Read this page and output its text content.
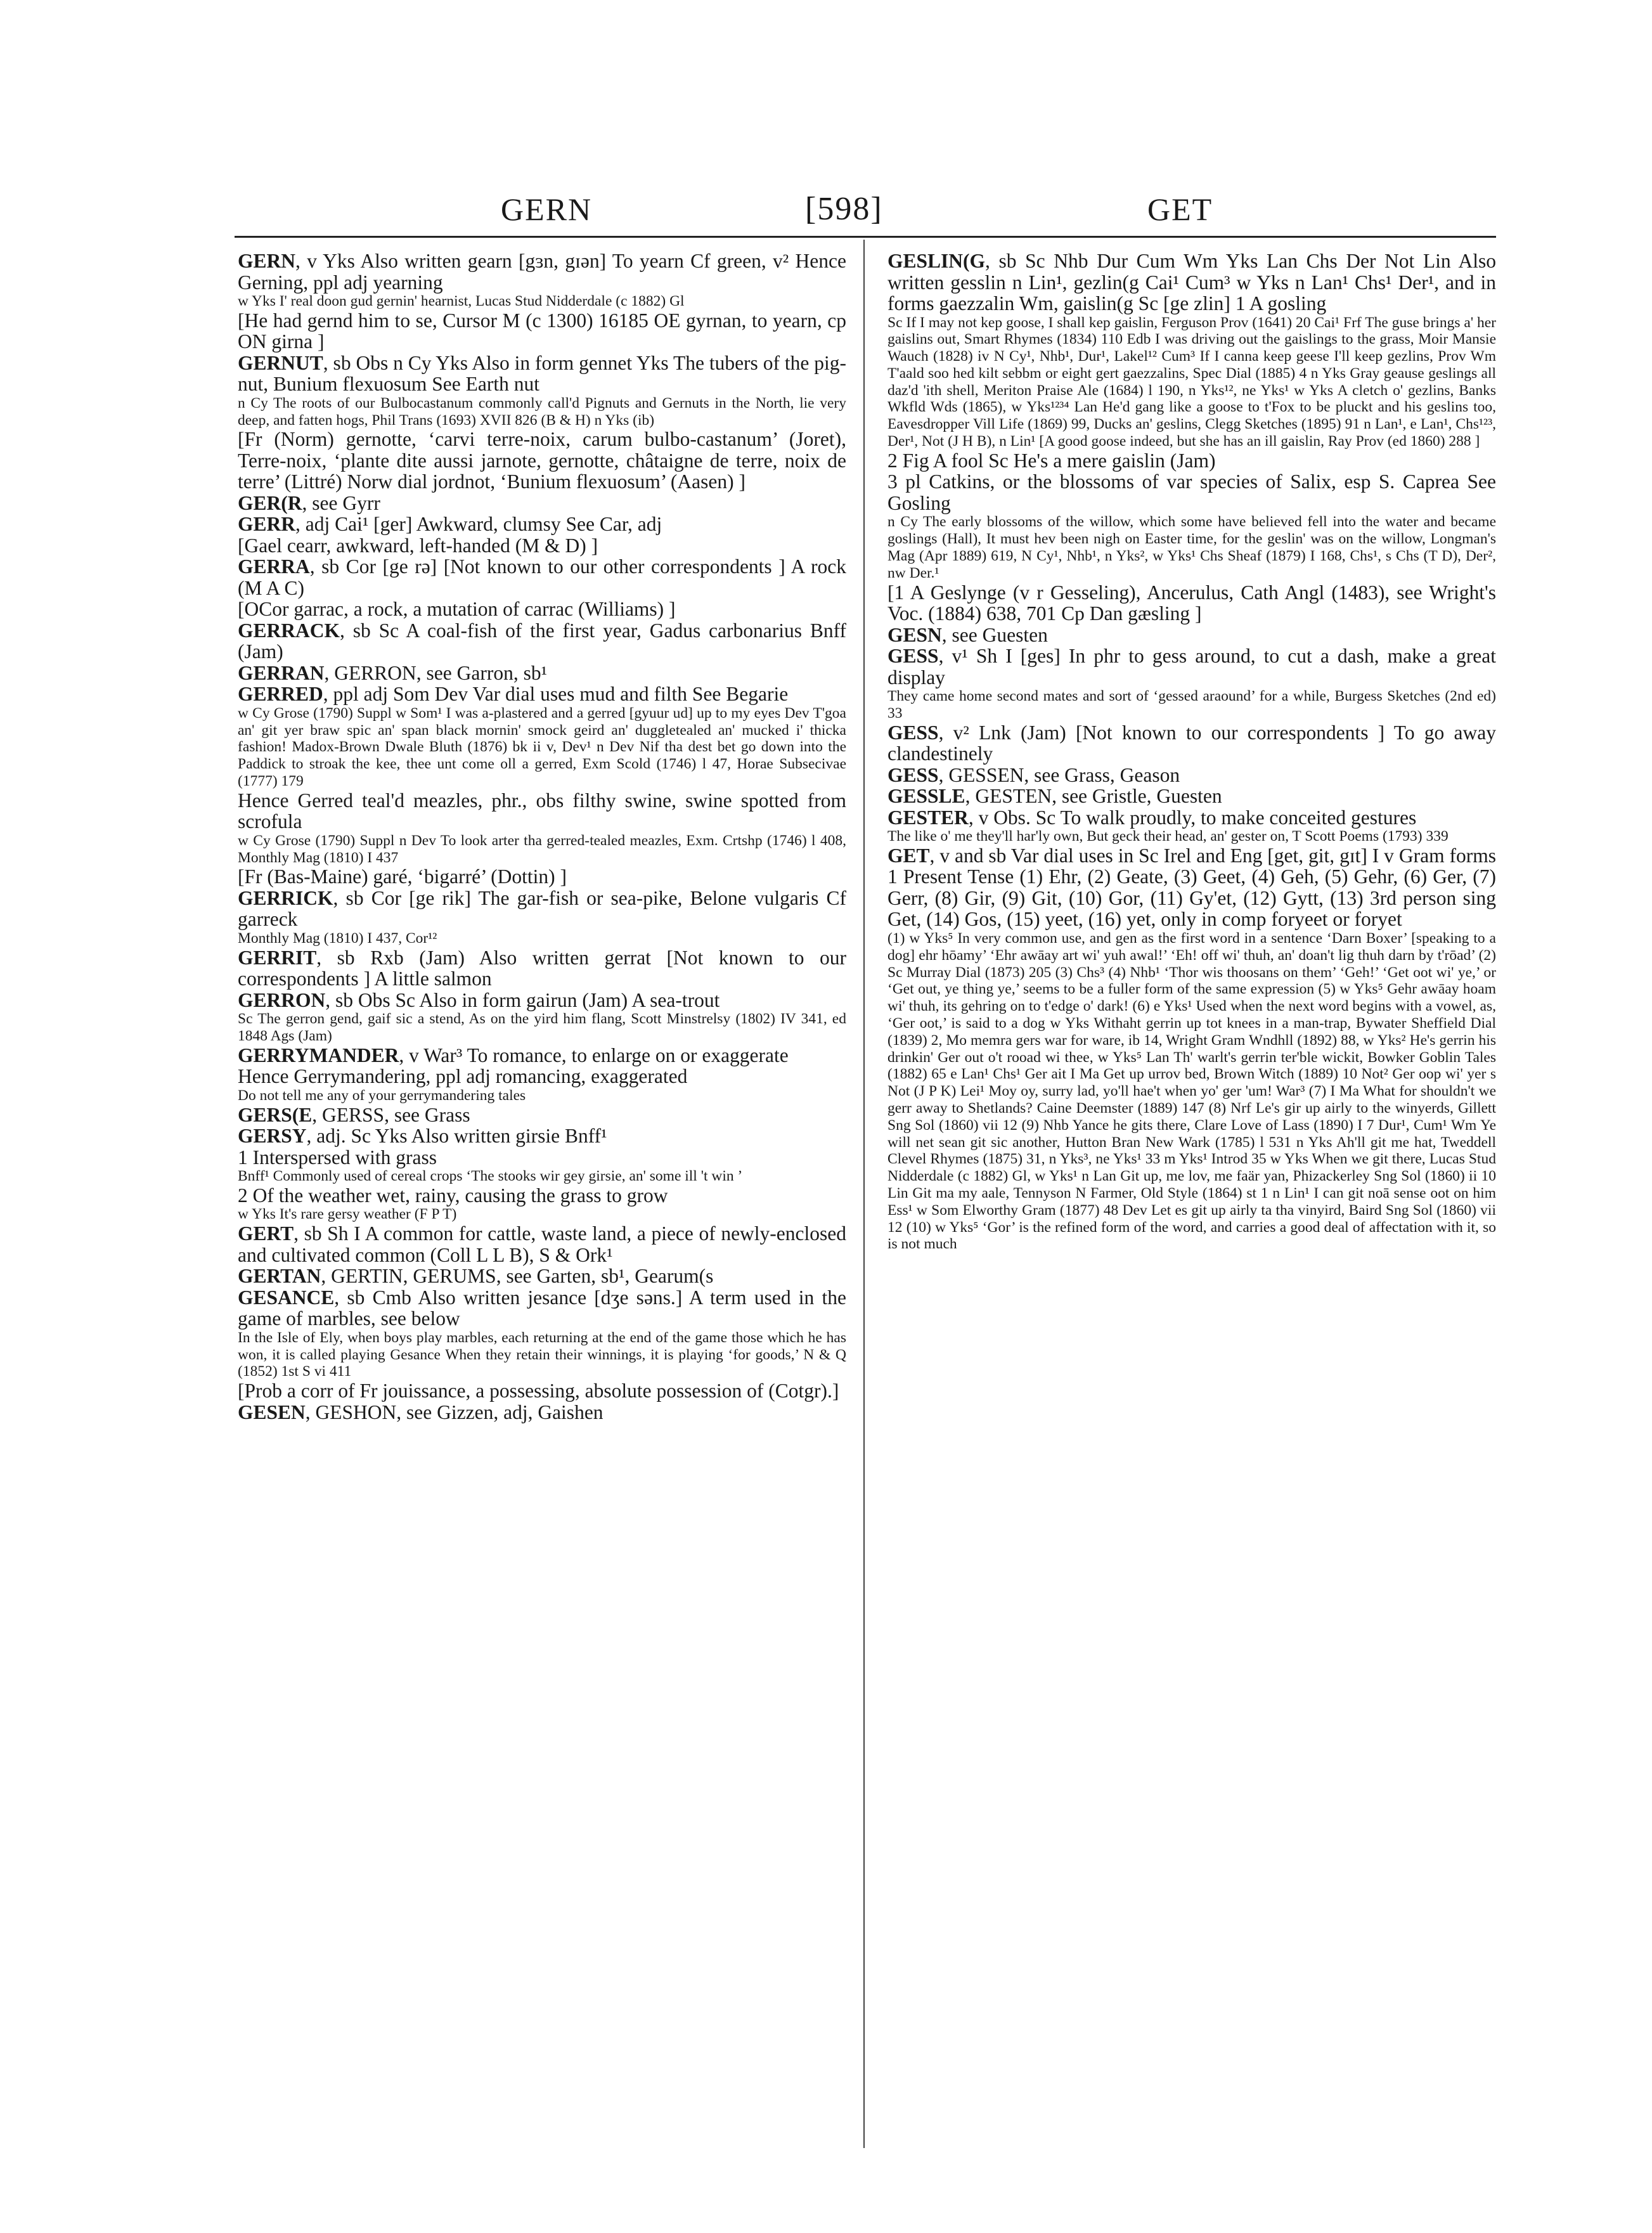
GERN	[598]	GET

GERN, v Yks Also written gearn [gɜn, gɪən] To yearn Cf green, v² Hence Gerning, ppl adj yearning

w Yks I' real doon gud gernin' hearnist, Lucas Stud Nidderdale (c 1882) Gl

[He had gernd him to se, Cursor M (c 1300) 16185 OE gyrnan, to yearn, cp ON girna ]

GERNUT, sb Obs n Cy Yks Also in form gennet Yks The tubers of the pig-nut, Bunium flexuosum See Earth nut

n Cy The roots of our Bulbocastanum commonly call'd Pignuts and Gernuts in the North, lie very deep, and fatten hogs, Phil Trans (1693) XVII 826 (B & H) n Yks (ib)

[Fr (Norm) gernotte, ‘carvi terre-noix, carum bulbo-castanum’ (Joret), Terre-noix, ‘plante dite aussi jarnote, gernotte, châtaigne de terre, noix de terre’ (Littré) Norw dial jordnot, ‘Bunium flexuosum’ (Aasen) ]

GER(R, see Gyrr

GERR, adj Cai¹ [ger] Awkward, clumsy See Car, adj

[Gael cearr, awkward, left-handed (M & D) ]

GERRA, sb Cor [ge rə] [Not known to our other correspondents ] A rock (M A C)

[OCor garrac, a rock, a mutation of carrac (Williams) ]

GERRACK, sb Sc A coal-fish of the first year, Gadus carbonarius Bnff (Jam)

GERRAN, GERRON, see Garron, sb¹

GERRED, ppl adj Som Dev Var dial uses mud and filth See Begarie

w Cy Grose (1790) Suppl w Som¹ I was a-plastered and a gerred [gyuur ud] up to my eyes Dev T'goa an' git yer braw spic an' span black mornin' smock geird an' duggletealed an' mucked i' thicka fashion! Madox-Brown Dwale Bluth (1876) bk ii v, Dev¹ n Dev Nif tha dest bet go down into the Paddick to stroak the kee, thee unt come oll a gerred, Exm Scold (1746) l 47, Horae Subsecivae (1777) 179

Hence Gerred teal'd meazles, phr., obs filthy swine, swine spotted from scrofula

w Cy Grose (1790) Suppl n Dev To look arter tha gerred-tealed meazles, Exm. Crtshp (1746) l 408, Monthly Mag (1810) I 437

[Fr (Bas-Maine) garé, ‘bigarré’ (Dottin) ]

GERRICK, sb Cor [ge rik] The gar-fish or sea-pike, Belone vulgaris Cf garreck

Monthly Mag (1810) I 437, Cor¹²

GERRIT, sb Rxb (Jam) Also written gerrat [Not known to our correspondents ] A little salmon

GERRON, sb Obs Sc Also in form gairun (Jam) A sea-trout

Sc The gerron gend, gaif sic a stend, As on the yird him flang, Scott Minstrelsy (1802) IV 341, ed 1848 Ags (Jam)

GERRYMANDER, v War³ To romance, to enlarge on or exaggerate

Hence Gerrymandering, ppl adj romancing, exaggerated

Do not tell me any of your gerrymandering tales

GERS(E, GERSS, see Grass

GERSY, adj. Sc Yks Also written girsie Bnff¹

1 Interspersed with grass

Bnff¹ Commonly used of cereal crops ‘The stooks wir gey girsie, an' some ill 't win ’

2 Of the weather wet, rainy, causing the grass to grow

w Yks It's rare gersy weather (F P T)

GERT, sb Sh I A common for cattle, waste land, a piece of newly-enclosed and cultivated common (Coll L L B), S & Ork¹

GERTAN, GERTIN, GERUMS, see Garten, sb¹, Gearum(s

GESANCE, sb Cmb Also written jesance [dʒe səns.] A term used in the game of marbles, see below

In the Isle of Ely, when boys play marbles, each returning at the end of the game those which he has won, it is called playing Gesance When they retain their winnings, it is playing ‘for goods,’ N & Q (1852) 1st S vi 411

[Prob a corr of Fr jouissance, a possessing, absolute possession of (Cotgr).]

GESEN, GESHON, see Gizzen, adj, Gaishen

GESLIN(G, sb Sc Nhb Dur Cum Wm Yks Lan Chs Der Not Lin Also written gesslin n Lin¹, gezlin(g Cai¹ Cum³ w Yks n Lan¹ Chs¹ Der¹, and in forms gaezzalin Wm, gaislin(g Sc [ge zlin] 1 A gosling

Sc If I may not kep goose, I shall kep gaislin, Ferguson Prov (1641) 20 Cai¹ Frf The guse brings a' her gaislins out, Smart Rhymes (1834) 110 Edb I was driving out the gaislings to the grass, Moir Mansie Wauch (1828) iv N Cy¹, Nhb¹, Dur¹, Lakel¹² Cum³ If I canna keep geese I'll keep gezlins, Prov Wm T'aald soo hed kilt sebbm or eight gert gaezzalins, Spec Dial (1885) 4 n Yks Gray geause geslings all daz'd 'ith shell, Meriton Praise Ale (1684) l 190, n Yks¹², ne Yks¹ w Yks A cletch o' gezlins, Banks Wkfld Wds (1865), w Yks¹²³⁴ Lan He'd gang like a goose to t'Fox to be pluckt and his geslins too, Eavesdropper Vill Life (1869) 99, Ducks an' geslins, Clegg Sketches (1895) 91 n Lan¹, e Lan¹, Chs¹²³, Der¹, Not (J H B), n Lin¹ [A good goose indeed, but she has an ill gaislin, Ray Prov (ed 1860) 288 ]

2 Fig A fool Sc He's a mere gaislin (Jam)

3 pl Catkins, or the blossoms of var species of Salix, esp S. Caprea See Gosling

n Cy The early blossoms of the willow, which some have believed fell into the water and became goslings (Hall), It must hev been nigh on Easter time, for the geslin' was on the willow, Longman's Mag (Apr 1889) 619, N Cy¹, Nhb¹, n Yks², w Yks¹ Chs Sheaf (1879) I 168, Chs¹, s Chs (T D), Der², nw Der.¹

[1 A Geslynge (v r Gesseling), Ancerulus, Cath Angl (1483), see Wright's Voc. (1884) 638, 701 Cp Dan gæsling ]

GESN, see Guesten

GESS, v¹ Sh I [ges] In phr to gess around, to cut a dash, make a great display

They came home second mates and sort of ‘gessed araound’ for a while, Burgess Sketches (2nd ed) 33

GESS, v² Lnk (Jam) [Not known to our correspondents ] To go away clandestinely

GESS, GESSEN, see Grass, Geason

GESSLE, GESTEN, see Gristle, Guesten

GESTER, v Obs. Sc To walk proudly, to make conceited gestures

The like o' me they'll har'ly own, But geck their head, an' gester on, T Scott Poems (1793) 339

GET, v and sb Var dial uses in Sc Irel and Eng [get, git, gɪt] I v Gram forms 1 Present Tense (1) Ehr, (2) Geate, (3) Geet, (4) Geh, (5) Gehr, (6) Ger, (7) Gerr, (8) Gir, (9) Git, (10) Gor, (11) Gy'et, (12) Gytt, (13) 3rd person sing Get, (14) Gos, (15) yeet, (16) yet, only in comp foryeet or foryet

(1) w Yks⁵ In very common use, and gen as the first word in a sentence ‘Darn Boxer’ [speaking to a dog] ehr hōamy’ ‘Ehr awāay art wi' yuh awal!’ ‘Eh! off wi' thuh, an' doan't lig thuh darn by t'rōad’ (2) Sc Murray Dial (1873) 205 (3) Chs³ (4) Nhb¹ ‘Thor wis thoosans on them’ ‘Geh!’ ‘Get oot wi' ye,’ or ‘Get out, ye thing ye,’ seems to be a fuller form of the same expression (5) w Yks⁵ Gehr awāay hoam wi' thuh, its gehring on to t'edge o' dark! (6) e Yks¹ Used when the next word begins with a vowel, as, ‘Ger oot,’ is said to a dog w Yks Withaht gerrin up tot knees in a man-trap, Bywater Sheffield Dial (1839) 2, Mo memra gers war for ware, ib 14, Wright Gram Wndhll (1892) 88, w Yks² He's gerrin his drinkin' Ger out o't rooad wi thee, w Yks⁵ Lan Th' warlt's gerrin ter'ble wickit, Bowker Goblin Tales (1882) 65 e Lan¹ Chs¹ Ger ait I Ma Get up urrov bed, Brown Witch (1889) 10 Not² Ger oop wi' yer s Not (J P K) Lei¹ Moy oy, surry lad, yo'll hae't when yo' ger 'um! War³ (7) I Ma What for shouldn't we gerr away to Shetlands? Caine Deemster (1889) 147 (8) Nrf Le's gir up airly to the winyerds, Gillett Sng Sol (1860) vii 12 (9) Nhb Yance he gits there, Clare Love of Lass (1890) I 7 Dur¹, Cum¹ Wm Ye will net sean git sic another, Hutton Bran New Wark (1785) l 531 n Yks Ah'll git me hat, Tweddell Clevel Rhymes (1875) 31, n Yks³, ne Yks¹ 33 m Yks¹ Introd 35 w Yks When we git there, Lucas Stud Nidderdale (c 1882) Gl, w Yks¹ n Lan Git up, me lov, me faär yan, Phizackerley Sng Sol (1860) ii 10 Lin Git ma my aale, Tennyson N Farmer, Old Style (1864) st 1 n Lin¹ I can git noā sense oot on him Ess¹ w Som Elworthy Gram (1877) 48 Dev Let es git up airly ta tha vinyird, Baird Sng Sol (1860) vii 12 (10) w Yks⁵ ‘Gor’ is the refined form of the word, and carries a good deal of affectation with it, so is not much
